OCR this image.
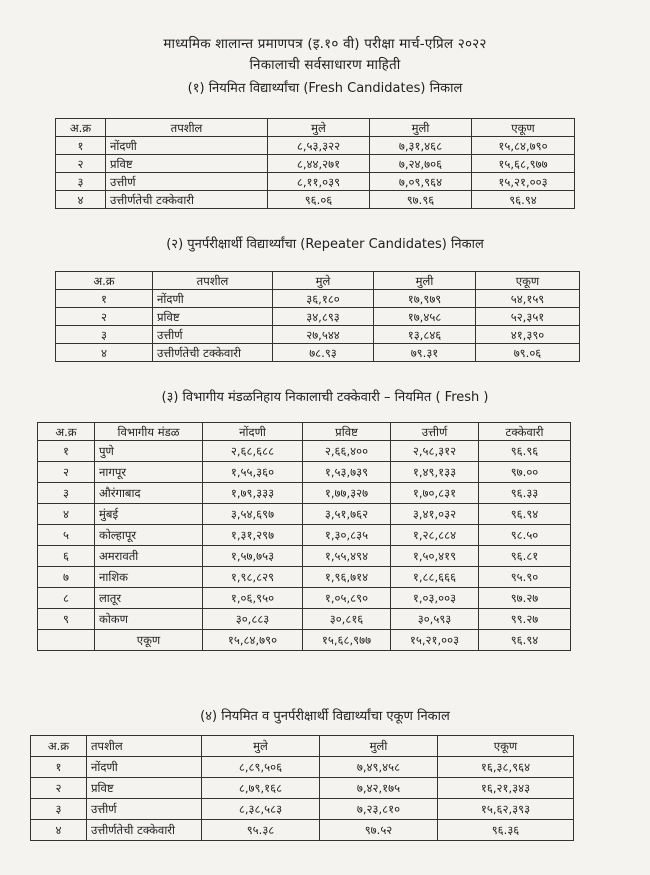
माध्यमिक शालान्त प्रमाणपत्र (इ.१० वी) परीक्षा मार्च-एप्रिल २०२२
निकालाची सर्वसाधारण माहिती
(१) नियमित विद्यार्थ्यांचा (Fresh Candidates) निकाल
अ.क्र	तपशील	मुले	मुली	एकूण
१	नोंदणी	८,५३,३२२	७,३१,४६८	१५,८४,७९०
२	प्रविष्ट	८,४४,२७१	७,२४,७०६	१५,६८,९७७
३	उत्तीर्ण	८,११,०३९	७,०९,९६४	१५,२१,००३
४	उत्तीर्णतेची टक्केवारी	९६.०६	९७.९६	९६.९४
(२) पुनर्परीक्षार्थी विद्यार्थ्यांचा (Repeater Candidates) निकाल
अ.क्र	तपशील	मुले	मुली	एकूण
१	नोंदणी	३६,१८०	१७,९७९	५४,१५९
२	प्रविष्ट	३४,८९३	१७,४५८	५२,३५१
३	उत्तीर्ण	२७,५४४	१३,८४६	४१,३९०
४	उत्तीर्णतेची टक्केवारी	७८.९३	७९.३१	७९.०६
(३) विभागीय मंडळनिहाय निकालाची टक्केवारी – नियमित ( Fresh )
अ.क्र	विभागीय मंडळ	नोंदणी	प्रविष्ट	उत्तीर्ण	टक्केवारी
१	पुणे	२,६८,६८८	२,६६,४००	२,५८,३१२	९६.९६
२	नागपूर	१,५५,३६०	१,५३,७३९	१,४९,१३३	९७.००
३	औरंगाबाद	१,७९,३३३	१,७७,३२७	१,७०,८३१	९६.३३
४	मुंबई	३,५४,६९७	३,५१,७६२	३,४१,०३२	९६.९४
५	कोल्हापूर	१,३१,२९७	१,३०,८३५	१,२८,८८४	९८.५०
६	अमरावती	१,५७,७५३	१,५५,४९४	१,५०,४१९	९६.८१
७	नाशिक	१,९८,८२९	१,९६,७१४	१,८८,६६६	९५.९०
८	लातूर	१,०६,९५०	१,०५,८९०	१,०३,००३	९७.२७
९	कोकण	३०,८८३	३०,८१६	३०,५९३	९९.२७
	एकूण	१५,८४,७९०	१५,६८,९७७	१५,२१,००३	९६.९४
(४) नियमित व पुनर्परीक्षार्थी विद्यार्थ्यांचा एकूण निकाल
अ.क्र	तपशील	मुले	मुली	एकूण
१	नोंदणी	८,८९,५०६	७,४९,४५८	१६,३८,९६४
२	प्रविष्ट	८,७९,१६८	७,४२,१७५	१६,२१,३४३
३	उत्तीर्ण	८,३८,५८३	७,२३,८१०	१५,६२,३९३
४	उत्तीर्णतेची टक्केवारी	९५.३८	९७.५२	९६.३६
